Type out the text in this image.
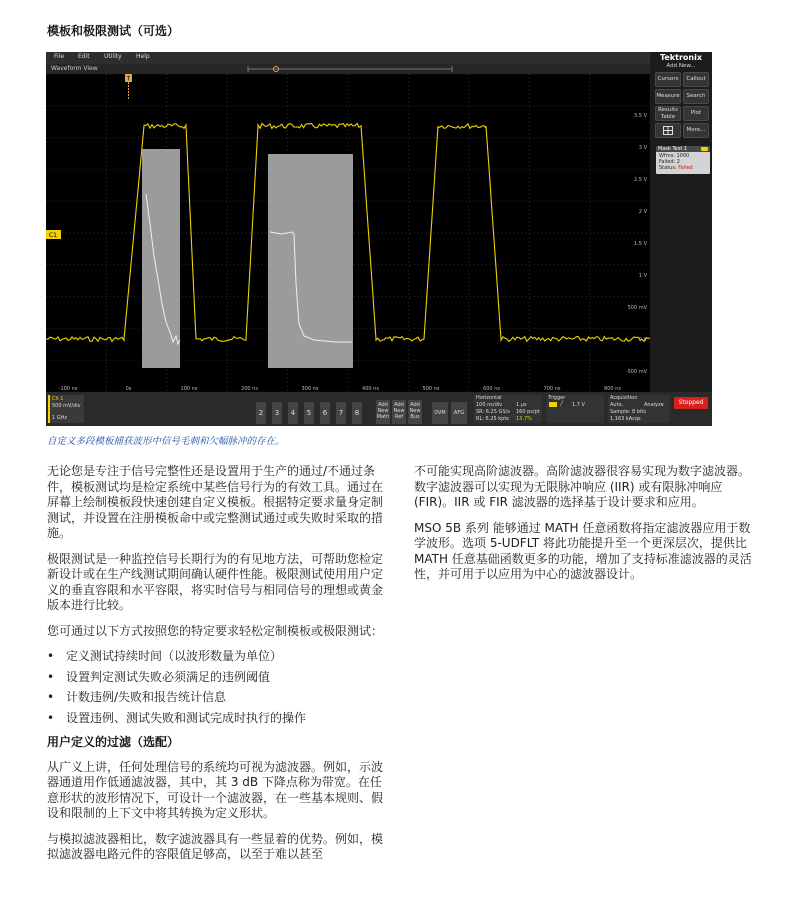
模板和极限测试（可选）
File Edit Utility Help
Waveform View
Tektronix
Add New...
Cursors	Callout
Measure	Search
Results Table
Plot
More...
Mask Test 1
Wfms: 1000
Failed: 2
Status: Failed
T
C1
3.5 V
3 V
2.5 V
2 V
1.5 V
1 V
500 mV
0 V
-500 mV
-100 ns	0s	100 ns	200 ns	300 ns	400 ns	500 ns	600 ns	700 ns	800 ns
Ch 1
500 mV/div
1 GHz
2	3	4	5	6	7	8
Add New Math
Add New Ref
Add New Bus
DVM	AFG
Horizontal
100 ns/div	1 µs
SR: 6.25 GS/s 160 ps/pt
RL: 6.25 kpts 13.7%
Trigger
╱ 1.7 V
Acquisition
Auto,	Analyze
Sample: 8 bits
1.163 kAcqs
Stopped
自定义多段模板捕获波形中信号毛刺和欠幅脉冲的存在。

无论您是专注于信号完整性还是设置用于生产的通过/不通过条件，模板测试均是检定系统中某些信号行为的有效工具。通过在屏幕上绘制模板段快速创建自定义模板。根据特定要求量身定制测试，并设置在注册模板命中或完整测试通过或失败时采取的措施。

极限测试是一种监控信号长期行为的有见地方法，可帮助您检定新设计或在生产线测试期间确认硬件性能。极限测试使用用户定义的垂直容限和水平容限，将实时信号与相同信号的理想或黄金版本进行比较。

您可通过以下方式按照您的特定要求轻松定制模板或极限测试：

• 定义测试持续时间（以波形数量为单位）
• 设置判定测试失败必须满足的违例阈值
• 计数违例/失败和报告统计信息
• 设置违例、测试失败和测试完成时执行的操作
用户定义的过滤（选配）

从广义上讲，任何处理信号的系统均可视为滤波器。例如，示波器通道用作低通滤波器，其中，其 3 dB 下降点称为带宽。在任意形状的波形情况下，可设计一个滤波器，在一些基本规则、假设和限制的上下文中将其转换为定义形状。

与模拟滤波器相比，数字滤波器具有一些显着的优势。例如，模拟滤波器电路元件的容限值足够高，以至于难以甚至

不可能实现高阶滤波器。高阶滤波器很容易实现为数字滤波器。数字滤波器可以实现为无限脉冲响应 (IIR) 或有限脉冲响应 (FIR)。IIR 或 FIR 滤波器的选择基于设计要求和应用。

MSO 5B 系列 能够通过 MATH 任意函数将指定滤波器应用于数学波形。选项 5-UDFLT 将此功能提升至一个更深层次，提供比 MATH 任意基础函数更多的功能，增加了支持标准滤波器的灵活性，并可用于以应用为中心的滤波器设计。
